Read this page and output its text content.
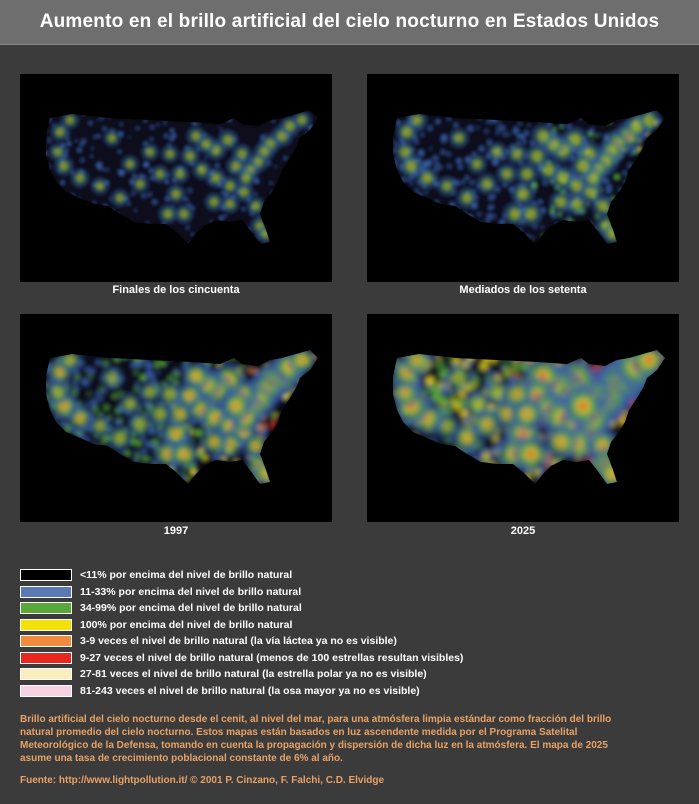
Aumento en el brillo artificial del cielo nocturno en Estados Unidos
Finales de los cincuenta	Mediados de los setenta
1997	2025
<11% por encima del nivel de brillo natural
11-33% por encima del nivel de brillo natural
34-99% por encima del nivel de brillo natural
100% por encima del nivel de brillo natural
3-9 veces el nivel de brillo natural (la vía láctea ya no es visible)
9-27 veces el nivel de brillo natural (menos de 100 estrellas resultan visibles)
27-81 veces el nivel de brillo natural (la estrella polar ya no es visible)
81-243 veces el nivel de brillo natural (la osa mayor ya no es visible)
Brillo artificial del cielo nocturno desde el cenit, al nivel del mar, para una atmósfera limpia estándar como fracción del brillo natural promedio del cielo nocturno. Estos mapas están basados en luz ascendente medida por el Programa Satelital Meteorológico de la Defensa, tomando en cuenta la propagación y dispersión de dicha luz en la atmósfera. El mapa de 2025 asume una tasa de crecimiento poblacional constante de 6% al año.
Fuente: http://www.lightpollution.it/ © 2001 P. Cinzano, F. Falchi, C.D. Elvidge
